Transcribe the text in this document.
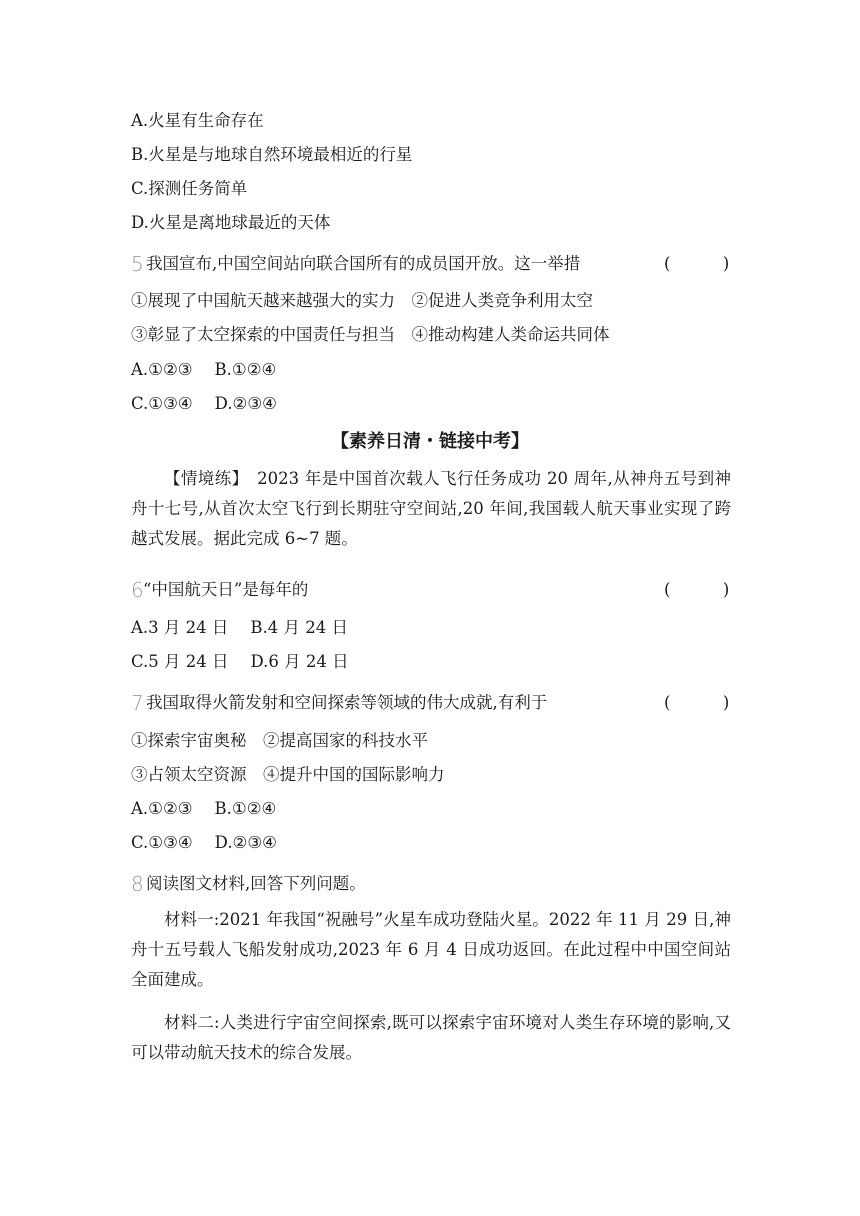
A.火星有生命存在
B.火星是与地球自然环境最相近的行星
C.探测任务简单
D.火星是离地球最近的天体
5 我国宣布,中国空间站向联合国所有的成员国开放。这一举措	(          )
①展现了中国航天越来越强大的实力　②促进人类竞争利用太空
③彰显了太空探索的中国责任与担当　④推动构建人类命运共同体
A.①②③ B.①②④
C.①③④ D.②③④
【素养日清・链接中考】
【情境练】　2023 年是中国首次载人飞行任务成功 20 周年,从神舟五号到神舟十七号,从首次太空飞行到长期驻守空间站,20 年间,我国载人航天事业实现了跨越式发展。据此完成 6~7 题。
6 “中国航天日”是每年的	(          )
A.3 月 24 日 B.4 月 24 日
C.5 月 24 日 D.6 月 24 日
7 我国取得火箭发射和空间探索等领域的伟大成就,有利于	(          )
①探索宇宙奥秘　②提高国家的科技水平
③占领太空资源　④提升中国的国际影响力
A.①②③ B.①②④
C.①③④ D.②③④
8 阅读图文材料,回答下列问题。
材料一:2021 年我国“祝融号”火星车成功登陆火星。2022 年 11 月 29 日,神舟十五号载人飞船发射成功,2023 年 6 月 4 日成功返回。在此过程中中国空间站全面建成。
材料二:人类进行宇宙空间探索,既可以探索宇宙环境对人类生存环境的影响,又可以带动航天技术的综合发展。
